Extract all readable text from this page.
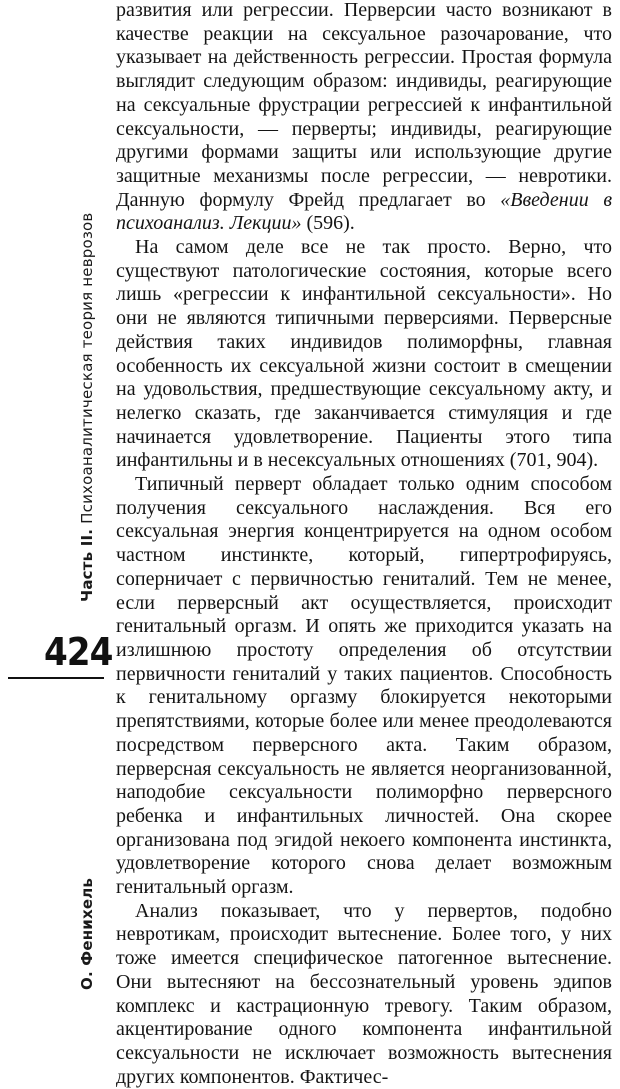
Часть II. Психоаналитическая теория неврозов
424
О. Фенихель

развития или регрессии. Перверсии часто возникают в качестве реакции на сексуальное разочарование, что указывает на действенность регрессии. Простая формула выглядит следующим образом: индивиды, реагирующие на сексуальные фрустрации регрессией к инфантильной сексуальности, — перверты; индивиды, реагирующие другими формами защиты или использующие другие защитные механизмы после регрессии, — невротики. Данную формулу Фрейд предлагает во «Введении в психоанализ. Лекции» (596).

На самом деле все не так просто. Верно, что существуют патологические состояния, которые всего лишь «регрессии к инфантильной сексуальности». Но они не являются типичными перверсиями. Перверсные действия таких индивидов полиморфны, главная особенность их сексуальной жизни состоит в смещении на удовольствия, предшествующие сексуальному акту, и нелегко сказать, где заканчивается стимуляция и где начинается удовлетворение. Пациенты этого типа инфантильны и в несексуальных отношениях (701, 904).

Типичный перверт обладает только одним способом получения сексуального наслаждения. Вся его сексуальная энергия концентрируется на одном особом частном инстинкте, который, гипертрофируясь, соперничает с первичностью гениталий. Тем не менее, если перверсный акт осуществляется, происходит генитальный оргазм. И опять же приходится указать на излишнюю простоту определения об отсутствии первичности гениталий у таких пациентов. Способность к генитальному оргазму блокируется некоторыми препятствиями, которые более или менее преодолеваются посредством перверсного акта. Таким образом, перверсная сексуальность не является неорганизованной, наподобие сексуальности полиморфно перверсного ребенка и инфантильных личностей. Она скорее организована под эгидой некоего компонента инстинкта, удовлетворение которого снова делает возможным генитальный оргазм.

Анализ показывает, что у первертов, подобно невротикам, происходит вытеснение. Более того, у них тоже имеется специфическое патогенное вытеснение. Они вытесняют на бессознательный уровень эдипов комплекс и кастрационную тревогу. Таким образом, акцентирование одного компонента инфантильной сексуальности не исключает возможность вытеснения других компонентов. Фактичес-
